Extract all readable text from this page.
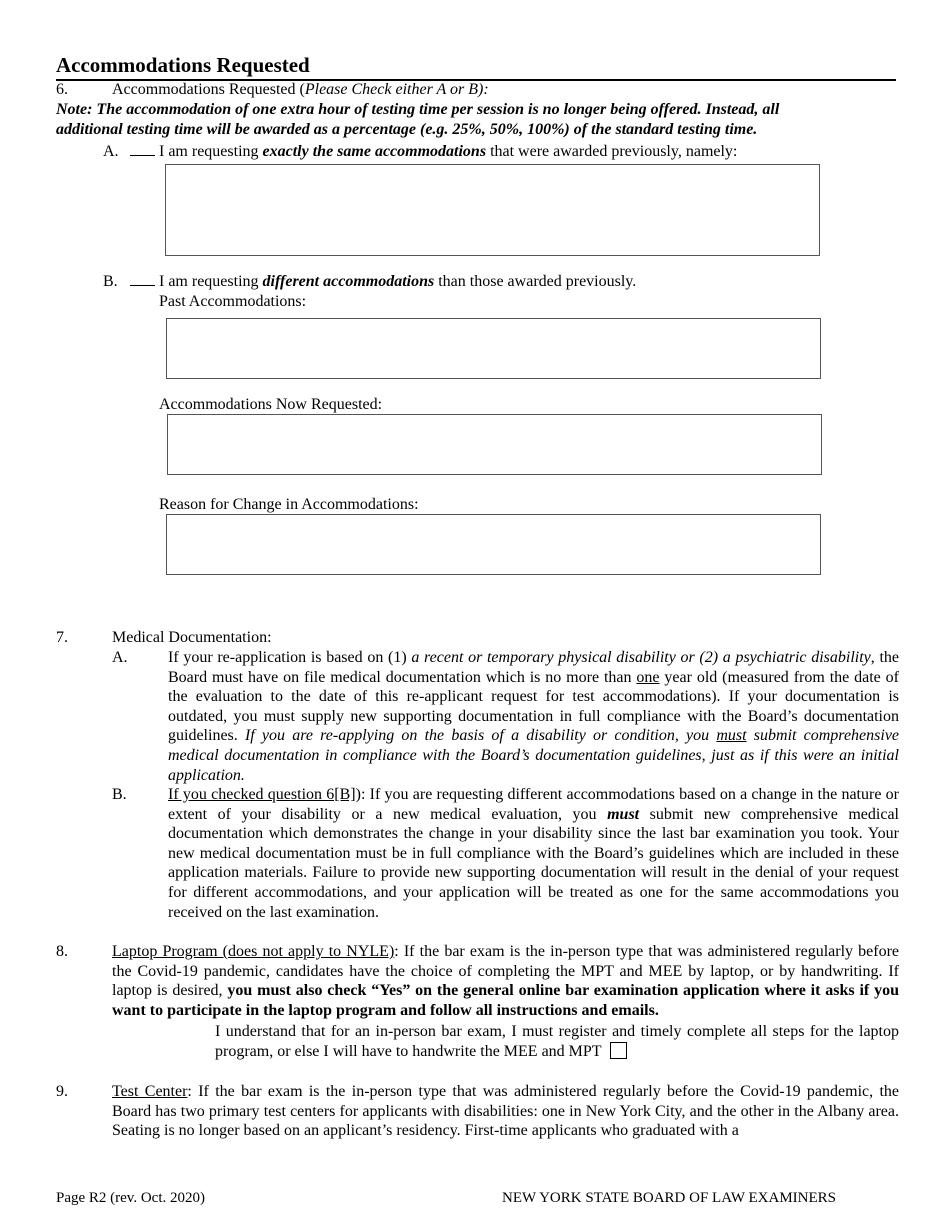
Accommodations Requested
6.	Accommodations Requested (Please Check either A or B):
Note: The accommodation of one extra hour of testing time per session is no longer being offered. Instead, all additional testing time will be awarded as a percentage (e.g. 25%, 50%, 100%) of the standard testing time.
A.	I am requesting exactly the same accommodations that were awarded previously, namely:
B.	I am requesting different accommodations than those awarded previously.
Past Accommodations:
Accommodations Now Requested:
Reason for Change in Accommodations:
7.	Medical Documentation:
A.	If your re-application is based on (1) a recent or temporary physical disability or (2) a psychiatric disability, the Board must have on file medical documentation which is no more than one year old (measured from the date of the evaluation to the date of this re-applicant request for test accommodations). If your documentation is outdated, you must supply new supporting documentation in full compliance with the Board’s documentation guidelines. If you are re-applying on the basis of a disability or condition, you must submit comprehensive medical documentation in compliance with the Board’s documentation guidelines, just as if this were an initial application.
B.	If you checked question 6[B]): If you are requesting different accommodations based on a change in the nature or extent of your disability or a new medical evaluation, you must submit new comprehensive medical documentation which demonstrates the change in your disability since the last bar examination you took. Your new medical documentation must be in full compliance with the Board’s guidelines which are included in these application materials. Failure to provide new supporting documentation will result in the denial of your request for different accommodations, and your application will be treated as one for the same accommodations you received on the last examination.
8.	Laptop Program (does not apply to NYLE): If the bar exam is the in-person type that was administered regularly before the Covid-19 pandemic, candidates have the choice of completing the MPT and MEE by laptop, or by handwriting. If laptop is desired, you must also check “Yes” on the general online bar examination application where it asks if you want to participate in the laptop program and follow all instructions and emails.
I understand that for an in-person bar exam, I must register and timely complete all steps for the laptop program, or else I will have to handwrite the MEE and MPT
9.	Test Center: If the bar exam is the in-person type that was administered regularly before the Covid-19 pandemic, the Board has two primary test centers for applicants with disabilities: one in New York City, and the other in the Albany area. Seating is no longer based on an applicant’s residency. First-time applicants who graduated with a
Page R2 (rev. Oct. 2020)	NEW YORK STATE BOARD OF LAW EXAMINERS
